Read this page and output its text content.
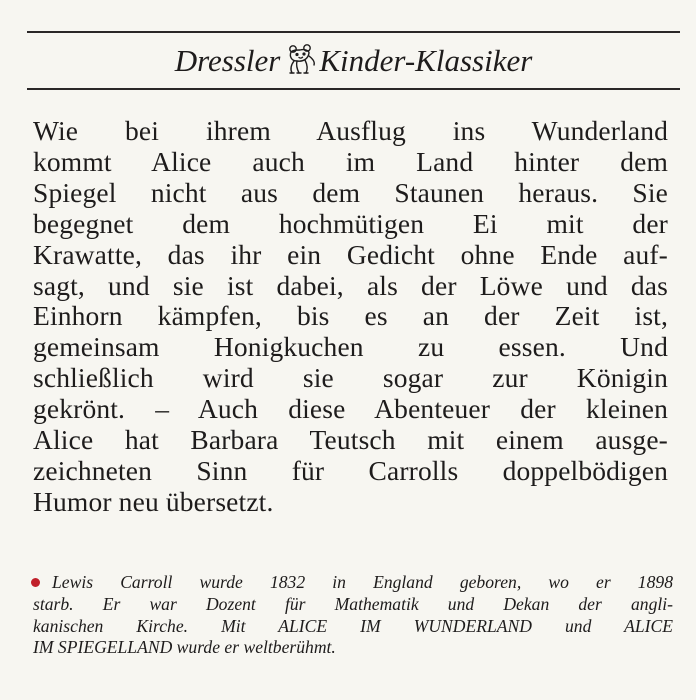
Dressler Kinder-Klassiker
Wie bei ihrem Ausflug ins Wunderland
kommt Alice auch im Land hinter dem
Spiegel nicht aus dem Staunen heraus. Sie
begegnet dem hochmütigen Ei mit der
Krawatte, das ihr ein Gedicht ohne Ende auf-
sagt, und sie ist dabei, als der Löwe und das
Einhorn kämpfen, bis es an der Zeit ist,
gemeinsam Honigkuchen zu essen. Und
schließlich wird sie sogar zur Königin
gekrönt. – Auch diese Abenteuer der kleinen
Alice hat Barbara Teutsch mit einem ausge-
zeichneten Sinn für Carrolls doppelbödigen
Humor neu übersetzt.
Lewis Carroll wurde 1832 in England geboren, wo er 1898
starb. Er war Dozent für Mathematik und Dekan der angli-
kanischen Kirche. Mit ALICE IM WUNDERLAND und ALICE
IM SPIEGELLAND wurde er weltberühmt.
